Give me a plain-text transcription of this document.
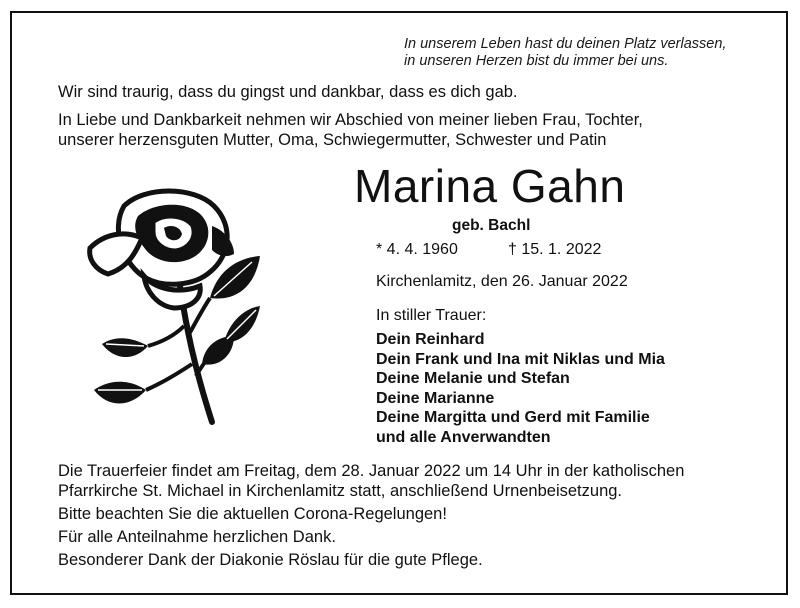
In unserem Leben hast du deinen Platz verlassen,
in unseren Herzen bist du immer bei uns.
Wir sind traurig, dass du gingst und dankbar, dass es dich gab.
In Liebe und Dankbarkeit nehmen wir Abschied von meiner lieben Frau, Tochter,
unserer herzensguten Mutter, Oma, Schwiegermutter, Schwester und Patin
Marina Gahn
geb. Bachl
* 4. 4. 1960	† 15. 1. 2022
Kirchenlamitz, den 26. Januar 2022
In stiller Trauer:
Dein Reinhard
Dein Frank und Ina mit Niklas und Mia
Deine Melanie und Stefan
Deine Marianne
Deine Margitta und Gerd mit Familie
und alle Anverwandten
Die Trauerfeier findet am Freitag, dem 28. Januar 2022 um 14 Uhr in der katholischen
Pfarrkirche St. Michael in Kirchenlamitz statt, anschließend Urnenbeisetzung.
Bitte beachten Sie die aktuellen Corona-Regelungen!
Für alle Anteilnahme herzlichen Dank.
Besonderer Dank der Diakonie Röslau für die gute Pflege.
